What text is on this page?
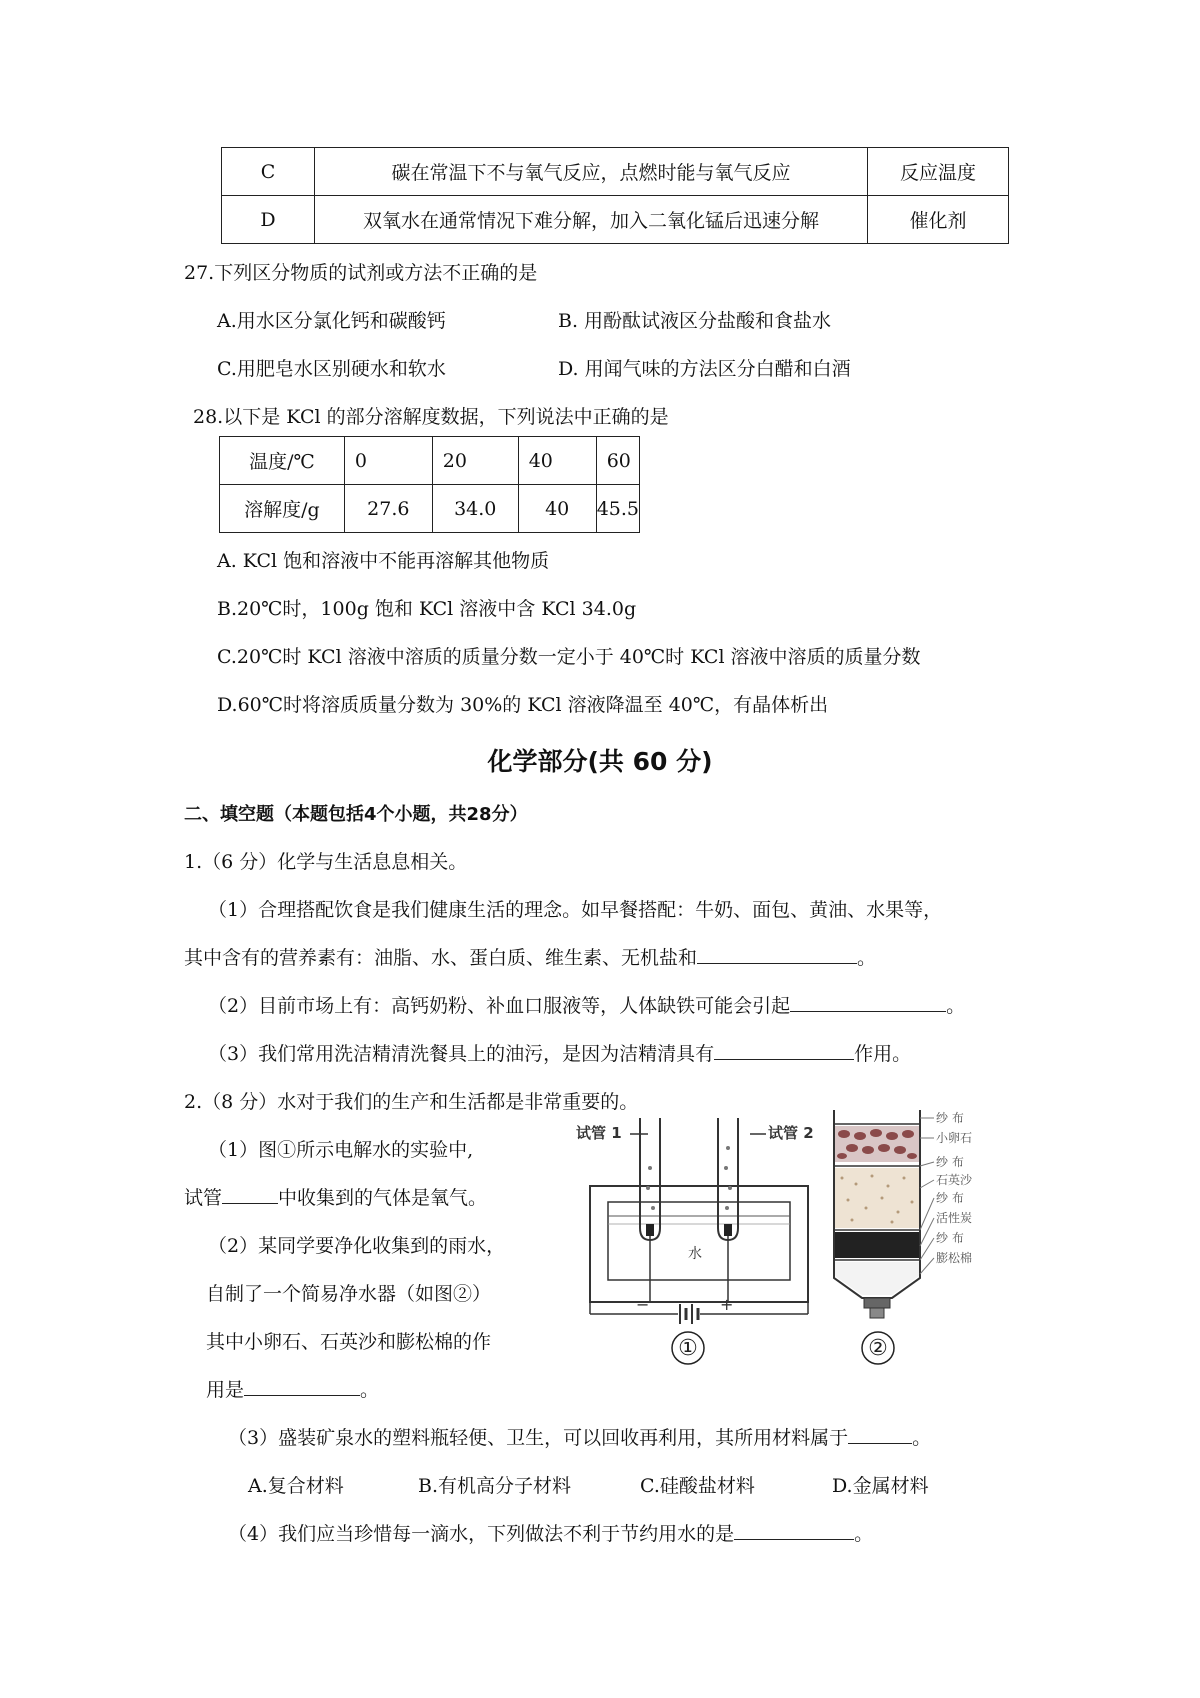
C	碳在常温下不与氧气反应，点燃时能与氧气反应	反应温度
D	双氧水在通常情况下难分解，加入二氧化锰后迅速分解	催化剂
27.下列区分物质的试剂或方法不正确的是
A.用水区分氯化钙和碳酸钙	B. 用酚酞试液区分盐酸和食盐水
C.用肥皂水区别硬水和软水	D. 用闻气味的方法区分白醋和白酒
28.以下是 KCl 的部分溶解度数据，下列说法中正确的是
温度/℃	0	20	40	60
溶解度/g	27.6	34.0	40	45.5
A. KCl 饱和溶液中不能再溶解其他物质
B.20℃时，100g 饱和 KCl 溶液中含 KCl 34.0g
C.20℃时 KCl 溶液中溶质的质量分数一定小于 40℃时 KCl 溶液中溶质的质量分数
D.60℃时将溶质质量分数为 30%的 KCl 溶液降温至 40℃，有晶体析出
化学部分(共 60 分)
二、填空题（本题包括4个小题，共28分）
1.（6 分）化学与生活息息相关。
（1）合理搭配饮食是我们健康生活的理念。如早餐搭配：牛奶、面包、黄油、水果等，
其中含有的营养素有：油脂、水、蛋白质、维生素、无机盐和	。
（2）目前市场上有：高钙奶粉、补血口服液等，人体缺铁可能会引起	。
（3）我们常用洗洁精清洗餐具上的油污，是因为洁精清具有	作用。
2.（8 分）水对于我们的生产和生活都是非常重要的。
（1）图①所示电解水的实验中,
试管	中收集到的气体是氧气。
（2）某同学要净化收集到的雨水，
自制了一个简易净水器（如图②）
其中小卵石、石英沙和膨松棉的作
用是	。
（3）盛装矿泉水的塑料瓶轻便、卫生，可以回收再利用，其所用材料属于	。
A.复合材料	B.有机高分子材料	C.硅酸盐材料	D.金属材料
（4）我们应当珍惜每一滴水，下列做法不利于节约用水的是	。
试管 1	试管 2
水
−	+
①
纱 布
小卵石
纱 布
石英沙
纱 布
活性炭
纱 布
膨松棉
②
